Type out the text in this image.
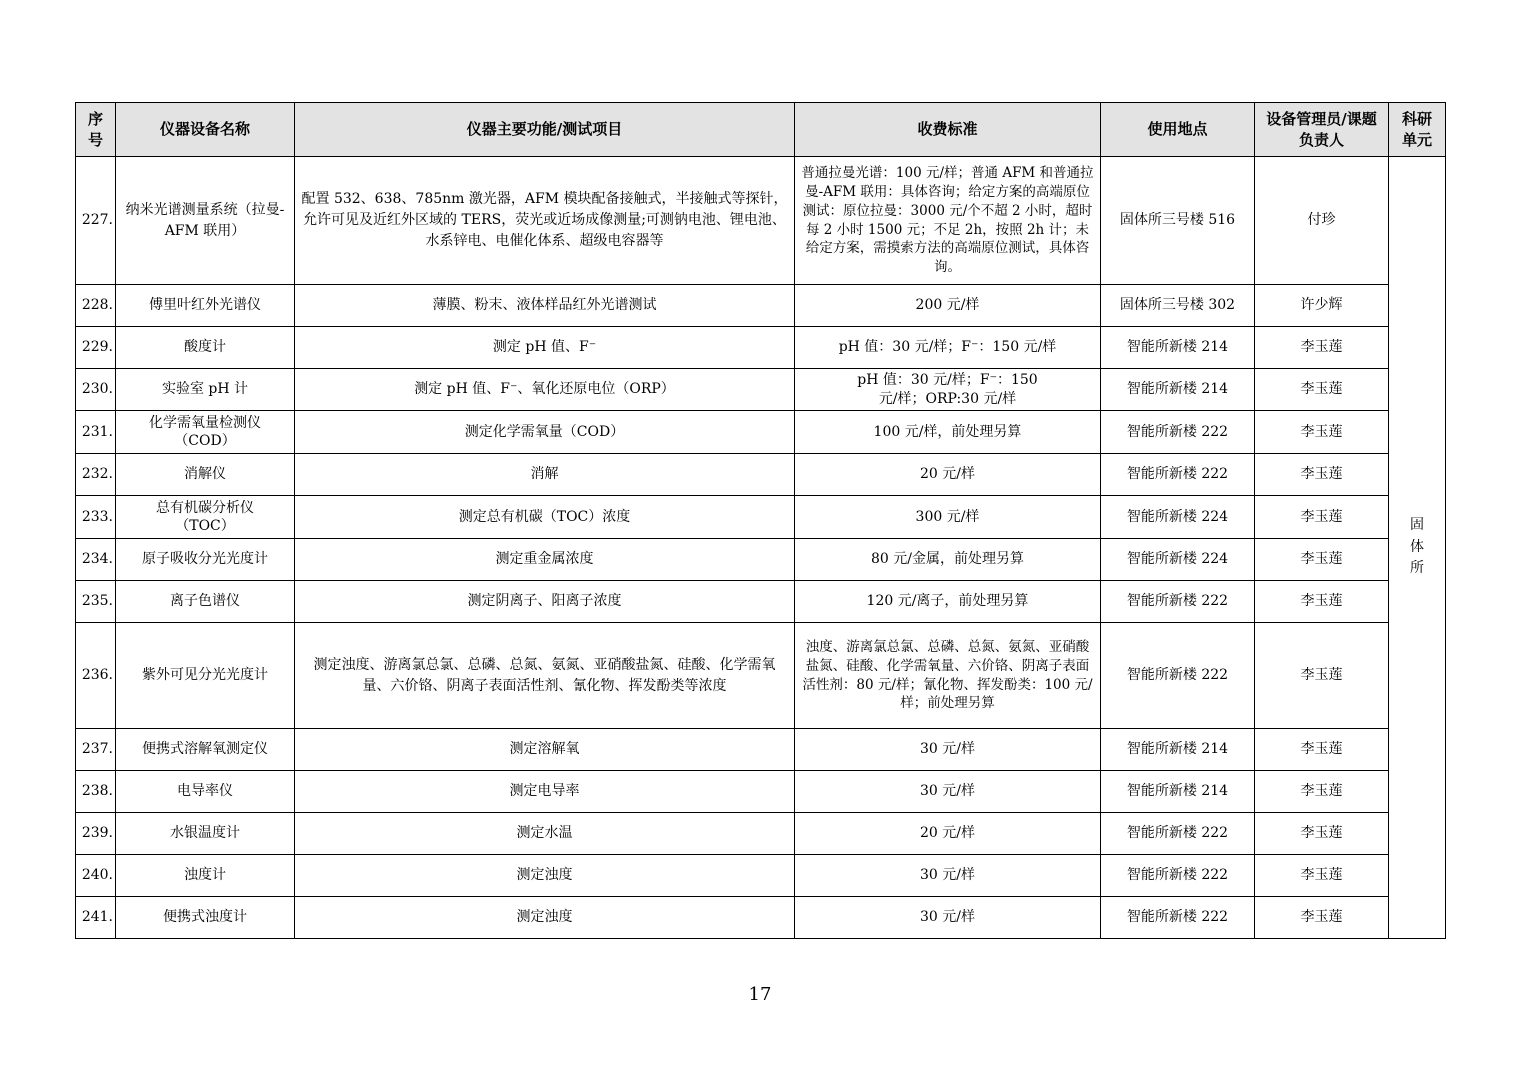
序号	仪器设备名称	仪器主要功能/测试项目	收费标准	使用地点	设备管理员/课题负责人	科研单元
227.	纳米光谱测量系统（拉曼-AFM 联用）	配置 532、638、785nm 激光器，AFM 模块配备接触式，半接触式等探针，允许可见及近红外区域的 TERS，荧光或近场成像测量;可测钠电池、锂电池、水系锌电、电催化体系、超级电容器等	普通拉曼光谱：100 元/样；普通 AFM 和普通拉曼-AFM 联用：具体咨询；给定方案的高端原位测试：原位拉曼：3000 元/个不超 2 小时，超时每 2 小时 1500 元；不足 2h，按照 2h 计；未给定方案，需摸索方法的高端原位测试，具体咨询。	固体所三号楼 516	付珍	固体所
228.	傅里叶红外光谱仪	薄膜、粉末、液体样品红外光谱测试	200 元/样	固体所三号楼 302	许少辉	
229.	酸度计	测定 pH 值、F⁻	pH 值：30 元/样；F⁻：150 元/样	智能所新楼 214	李玉莲	
230.	实验室 pH 计	测定 pH 值、F⁻、氧化还原电位（ORP）	pH 值：30 元/样；F⁻：150 元/样；ORP:30 元/样	智能所新楼 214	李玉莲	
231.	化学需氧量检测仪（COD）	测定化学需氧量（COD）	100 元/样，前处理另算	智能所新楼 222	李玉莲	
232.	消解仪	消解	20 元/样	智能所新楼 222	李玉莲	
233.	总有机碳分析仪（TOC）	测定总有机碳（TOC）浓度	300 元/样	智能所新楼 224	李玉莲	
234.	原子吸收分光光度计	测定重金属浓度	80 元/金属，前处理另算	智能所新楼 224	李玉莲	
235.	离子色谱仪	测定阴离子、阳离子浓度	120 元/离子，前处理另算	智能所新楼 222	李玉莲	
236.	紫外可见分光光度计	测定浊度、游离氯总氯、总磷、总氮、氨氮、亚硝酸盐氮、硅酸、化学需氧量、六价铬、阴离子表面活性剂、氰化物、挥发酚类等浓度	浊度、游离氯总氯、总磷、总氮、氨氮、亚硝酸盐氮、硅酸、化学需氧量、六价铬、阴离子表面活性剂：80 元/样；氰化物、挥发酚类：100 元/样；前处理另算	智能所新楼 222	李玉莲	
237.	便携式溶解氧测定仪	测定溶解氧	30 元/样	智能所新楼 214	李玉莲	
238.	电导率仪	测定电导率	30 元/样	智能所新楼 214	李玉莲	
239.	水银温度计	测定水温	20 元/样	智能所新楼 222	李玉莲	
240.	浊度计	测定浊度	30 元/样	智能所新楼 222	李玉莲	
241.	便携式浊度计	测定浊度	30 元/样	智能所新楼 222	李玉莲	
17
